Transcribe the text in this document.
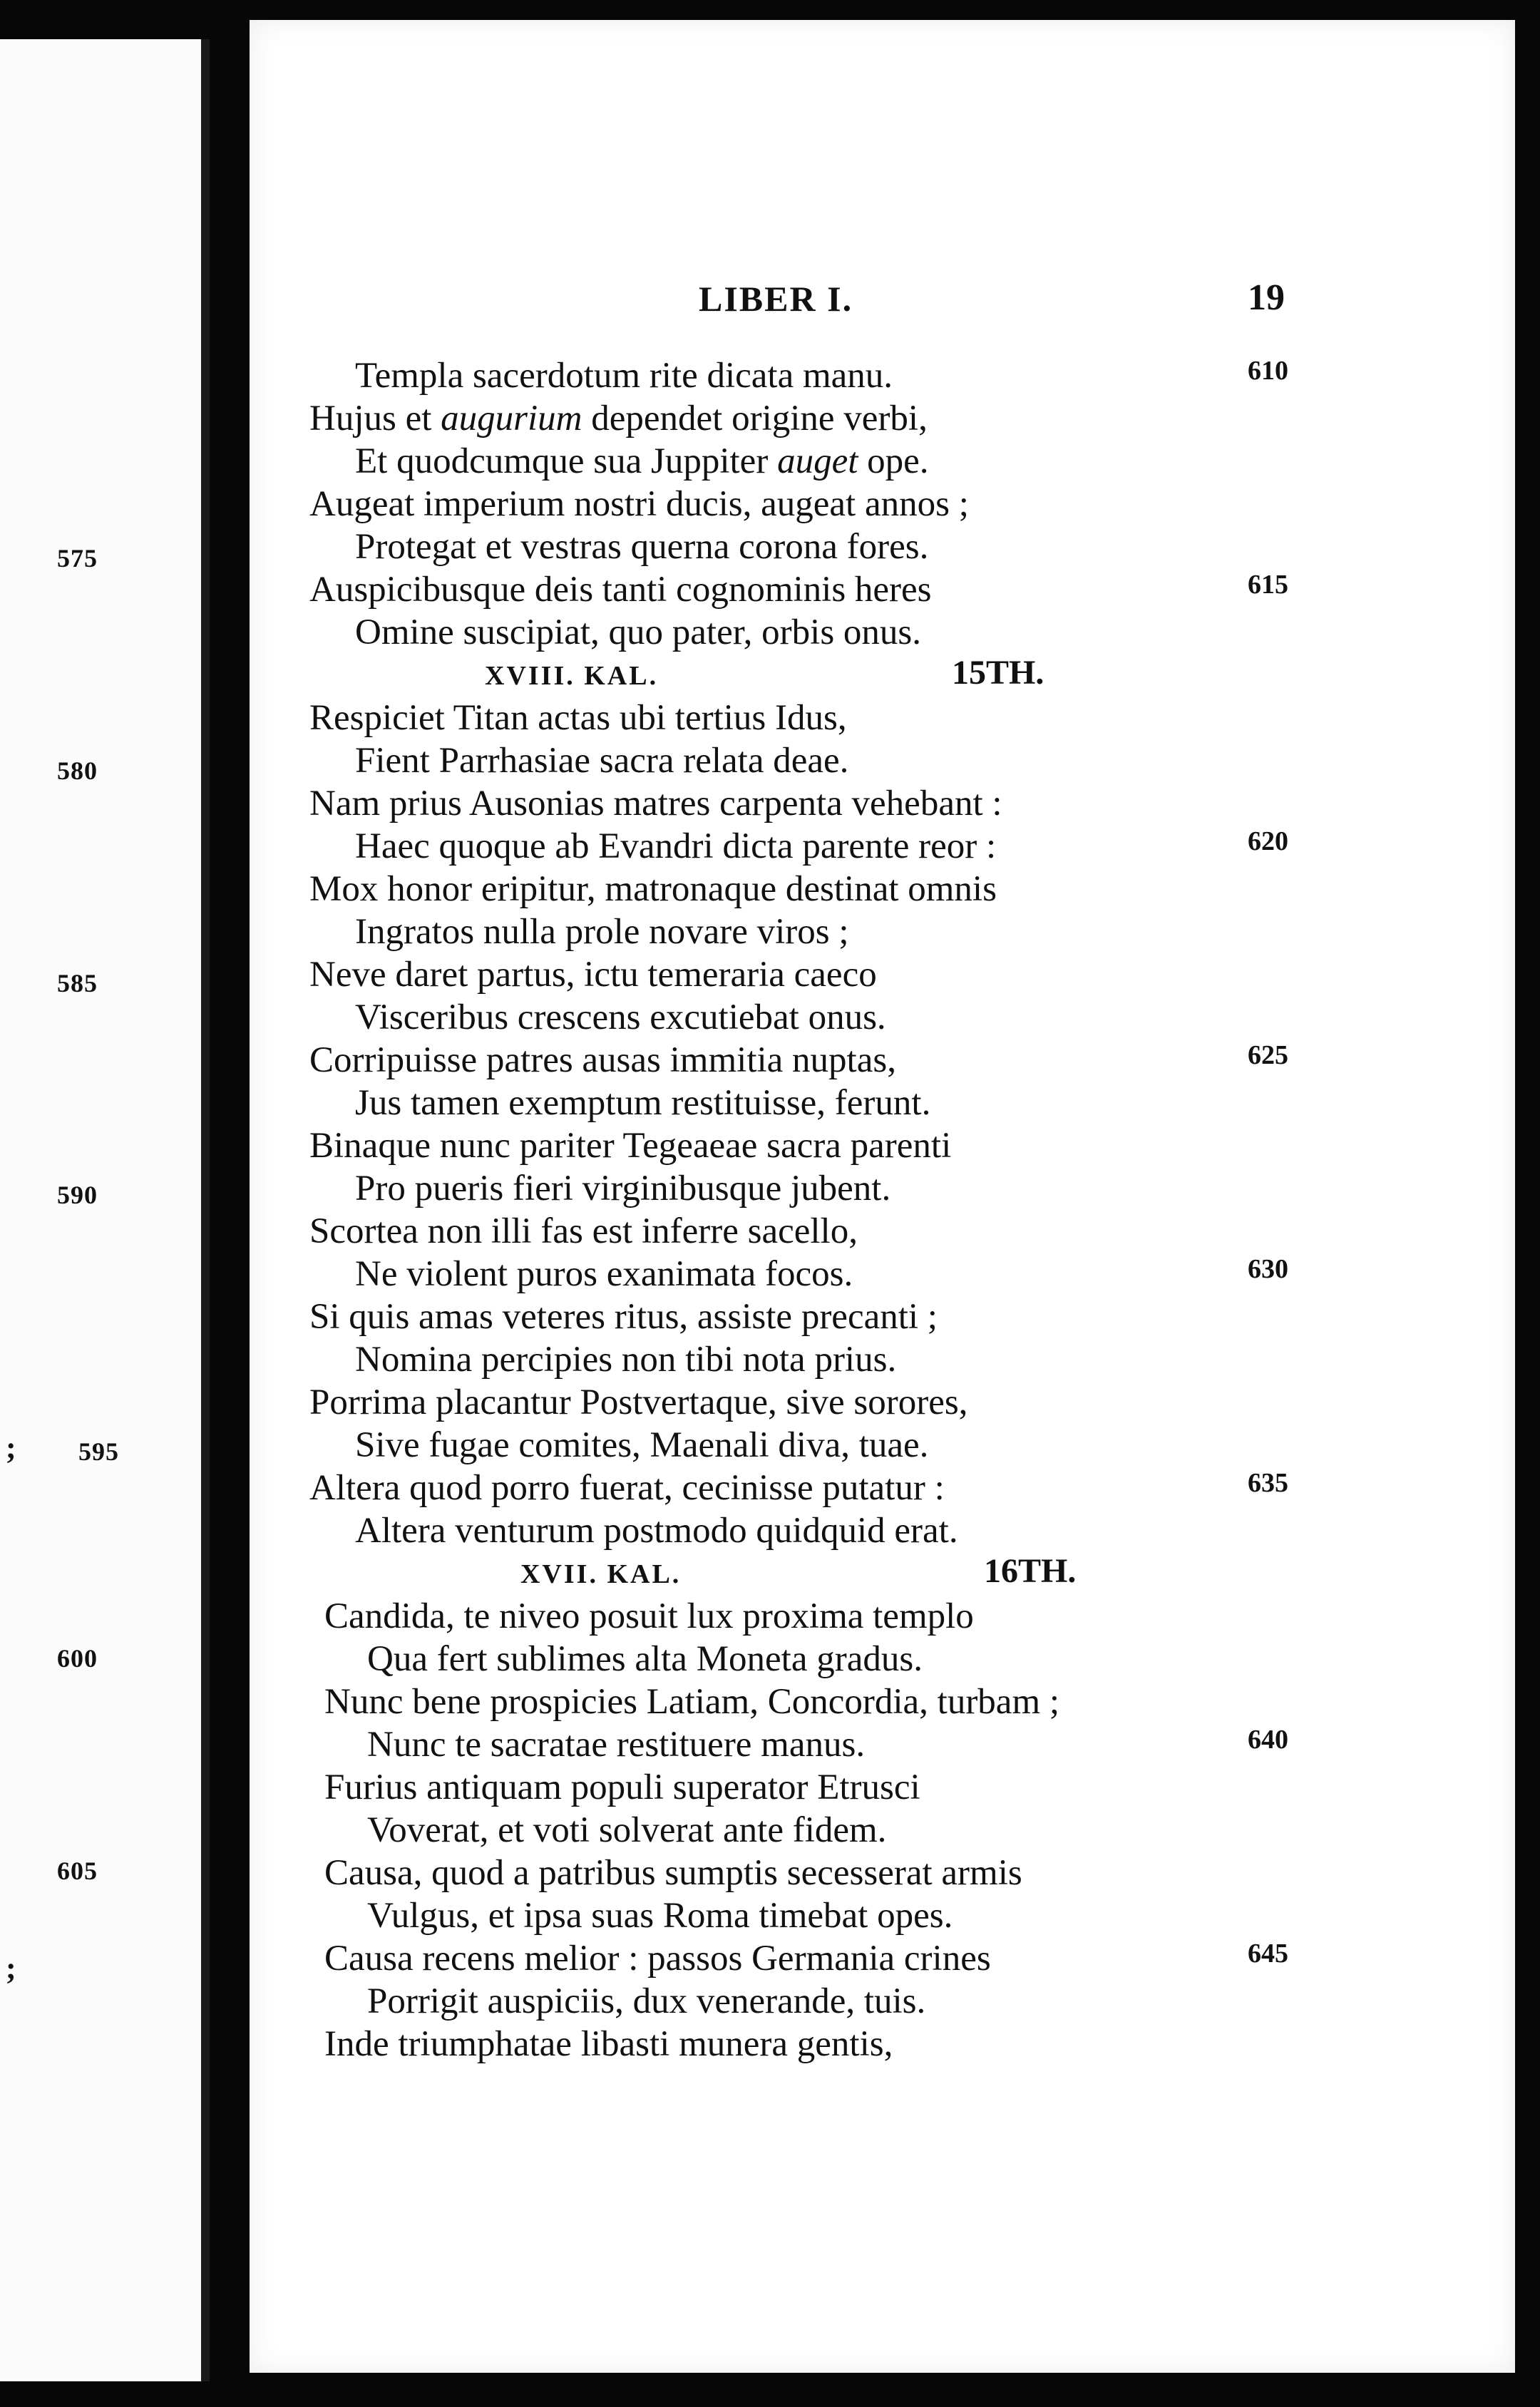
575
580
585
590
; 595
600
605
;
LIBER I.	19
Templa sacerdotum rite dicata manu.
Hujus et augurium dependet origine verbi,
Et quodcumque sua Juppiter auget ope.
Augeat imperium nostri ducis, augeat annos ;
Protegat et vestras querna corona fores.
Auspicibusque deis tanti cognominis heres
Omine suscipiat, quo pater, orbis onus.
XVIII. KAL.	15TH.
Respiciet Titan actas ubi tertius Idus,
Fient Parrhasiae sacra relata deae.
Nam prius Ausonias matres carpenta vehebant :
Haec quoque ab Evandri dicta parente reor :
Mox honor eripitur, matronaque destinat omnis
Ingratos nulla prole novare viros ;
Neve daret partus, ictu temeraria caeco
Visceribus crescens excutiebat onus.
Corripuisse patres ausas immitia nuptas,
Jus tamen exemptum restituisse, ferunt.
Binaque nunc pariter Tegeaeae sacra parenti
Pro pueris fieri virginibusque jubent.
Scortea non illi fas est inferre sacello,
Ne violent puros exanimata focos.
Si quis amas veteres ritus, assiste precanti ;
Nomina percipies non tibi nota prius.
Porrima placantur Postvertaque, sive sorores,
Sive fugae comites, Maenali diva, tuae.
Altera quod porro fuerat, cecinisse putatur :
Altera venturum postmodo quidquid erat.
XVII. KAL.	16TH.
Candida, te niveo posuit lux proxima templo
Qua fert sublimes alta Moneta gradus.
Nunc bene prospicies Latiam, Concordia, turbam ;
Nunc te sacratae restituere manus.
Furius antiquam populi superator Etrusci
Voverat, et voti solverat ante fidem.
Causa, quod a patribus sumptis secesserat armis
Vulgus, et ipsa suas Roma timebat opes.
Causa recens melior : passos Germania crines
Porrigit auspiciis, dux venerande, tuis.
Inde triumphatae libasti munera gentis,
610
615
620
625
630
635
640
645
